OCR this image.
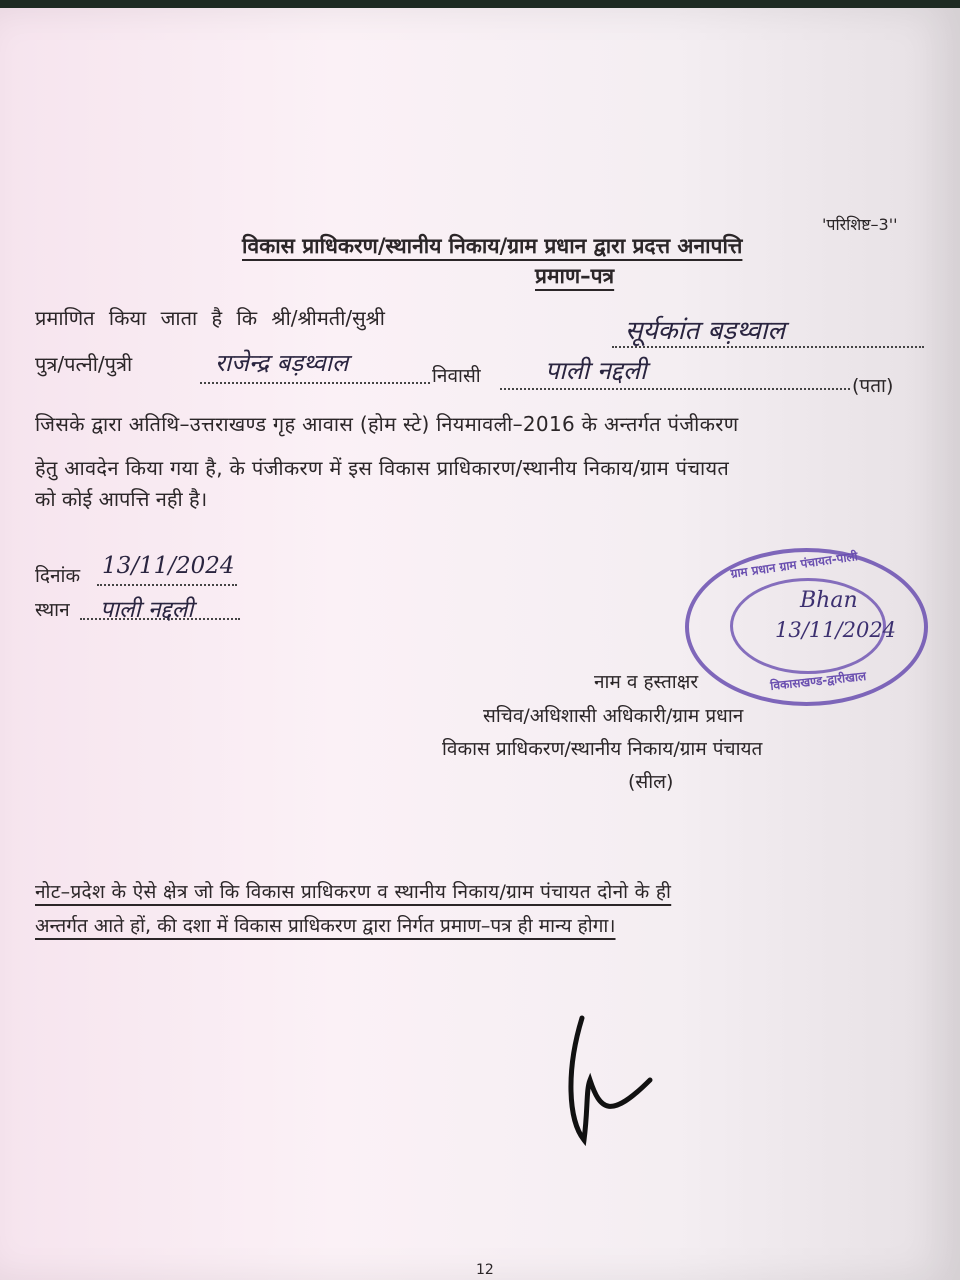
'परिशिष्ट–3''
विकास प्राधिकरण/स्थानीय निकाय/ग्राम प्रधान द्वारा प्रदत्त अनापत्ति
प्रमाण–पत्र
प्रमाणित किया जाता है कि श्री/श्रीमती/सुश्री	सूर्यकांत बड़थ्वाल
पुत्र/पत्नी/पुत्री	राजेन्द्र बड़थ्वाल	निवासी	पाली नद्दली
(पता)
जिसके द्वारा अतिथि–उत्तराखण्ड गृह आवास (होम स्टे) नियमावली–2016 के अन्तर्गत पंजीकरण
हेतु आवदेन किया गया है, के पंजीकरण में इस विकास प्राधिकारण/स्थानीय निकाय/ग्राम पंचायत
को कोई आपत्ति नही है।
दिनांक 13/11/2024
स्थान पाली नद्दली
ग्राम प्रधान ग्राम पंचायत-पाली
विकासखण्ड-द्वारीखाल
Bhan
13/11/2024
नाम व हस्ताक्षर
सचिव/अधिशासी अधिकारी/ग्राम प्रधान
विकास प्राधिकरण/स्थानीय निकाय/ग्राम पंचायत
(सील)
नोट–प्रदेश के ऐसे क्षेत्र जो कि विकास प्राधिकरण व स्थानीय निकाय/ग्राम पंचायत दोनो के ही
अन्तर्गत आते हों, की दशा में विकास प्राधिकरण द्वारा निर्गत प्रमाण–पत्र ही मान्य होगा।
12
